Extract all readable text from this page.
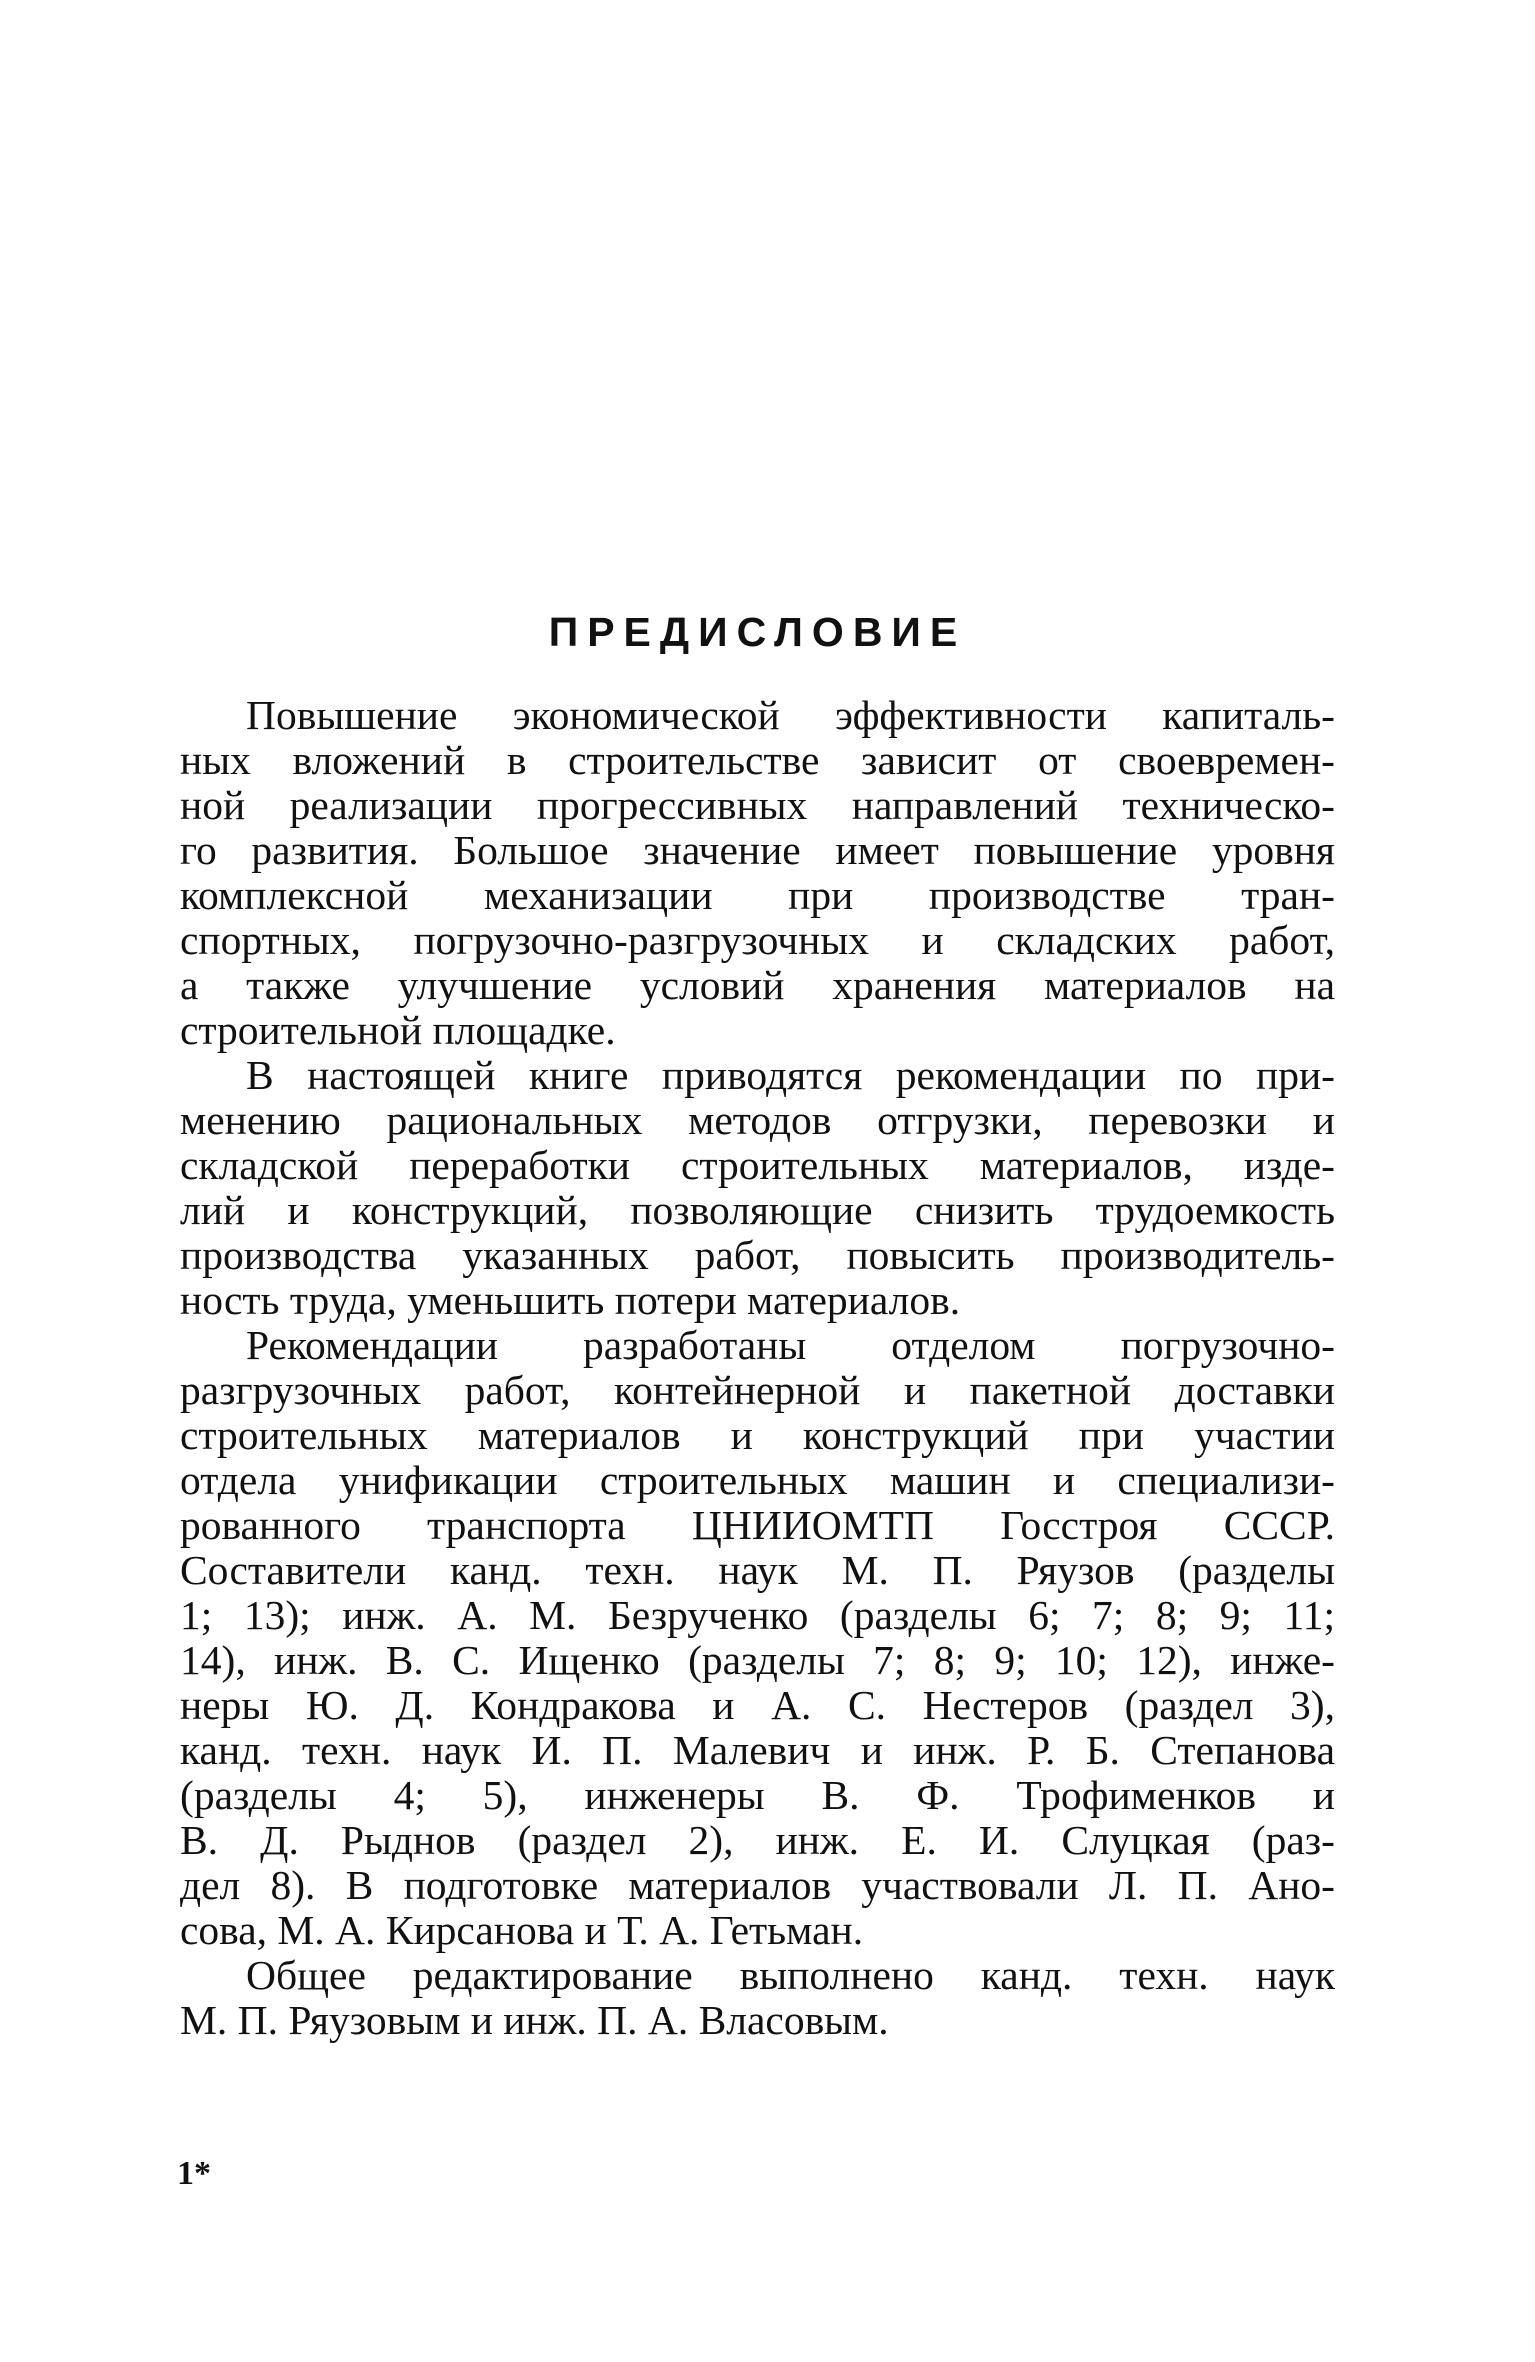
ПРЕДИСЛОВИЕ

Повышение экономической эффективности капиталь-

ных вложений в строительстве зависит от своевремен-

ной реализации прогрессивных направлений техническо-

го развития. Большое значение имеет повышение уровня

комплексной механизации при производстве тран-

спортных, погрузочно-разгрузочных и складских работ,

а также улучшение условий хранения материалов на

строительной площадке.

В настоящей книге приводятся рекомендации по при-

менению рациональных методов отгрузки, перевозки и

складской переработки строительных материалов, изде-

лий и конструкций, позволяющие снизить трудоемкость

производства указанных работ, повысить производитель-

ность труда, уменьшить потери материалов.

Рекомендации разработаны отделом погрузочно-

разгрузочных работ, контейнерной и пакетной доставки

строительных материалов и конструкций при участии

отдела унификации строительных машин и специализи-

рованного транспорта ЦНИИОМТП Госстроя СССР.

Составители канд. техн. наук М. П. Ряузов (разделы

1; 13); инж. А. М. Безрученко (разделы 6; 7; 8; 9; 11;

14), инж. В. С. Ищенко (разделы 7; 8; 9; 10; 12), инже-

неры Ю. Д. Кондракова и А. С. Нестеров (раздел 3),

канд. техн. наук И. П. Малевич и инж. Р. Б. Степанова

(разделы 4; 5), инженеры В. Ф. Трофименков и

В. Д. Рыднов (раздел 2), инж. Е. И. Слуцкая (раз-

дел 8). В подготовке материалов участвовали Л. П. Ано-

сова, М. А. Кирсанова и Т. А. Гетьман.

Общее редактирование выполнено канд. техн. наук

М. П. Ряузовым и инж. П. А. Власовым.

1*
